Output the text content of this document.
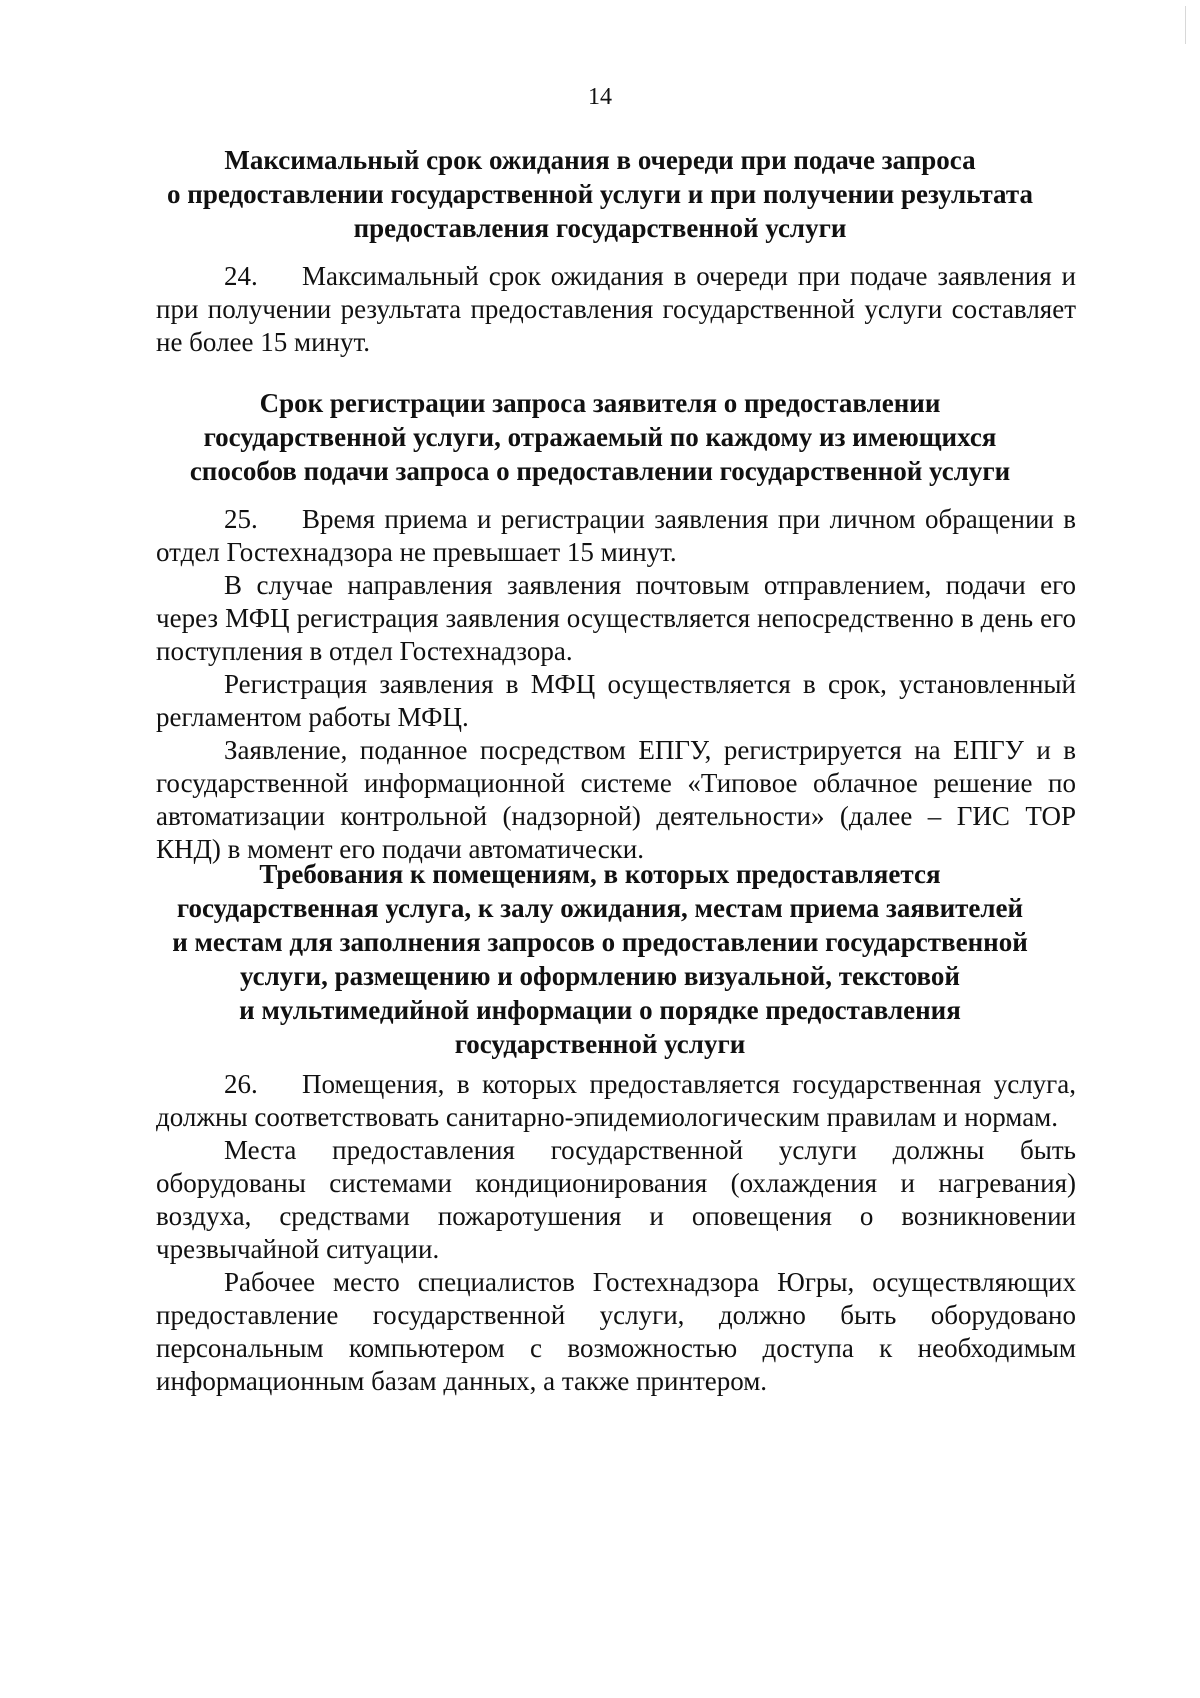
14
Максимальный срок ожидания в очереди при подаче запроса
о предоставлении государственной услуги и при получении результата
предоставления государственной услуги

24. Максимальный срок ожидания в очереди при подаче заявления и при получении результата предоставления государственной услуги составляет не более 15 минут.

Срок регистрации запроса заявителя о предоставлении
государственной услуги, отражаемый по каждому из имеющихся
способов подачи запроса о предоставлении государственной услуги

25. Время приема и регистрации заявления при личном обращении в отдел Гостехнадзора не превышает 15 минут.

В случае направления заявления почтовым отправлением, подачи его через МФЦ регистрация заявления осуществляется непосредственно в день его поступления в отдел Гостехнадзора.

Регистрация заявления в МФЦ осуществляется в срок, установленный регламентом работы МФЦ.

Заявление, поданное посредством ЕПГУ, регистрируется на ЕПГУ и в государственной информационной системе «Типовое облачное решение по автоматизации контрольной (надзорной) деятельности» (далее – ГИС ТОР КНД) в момент его подачи автоматически.

Требования к помещениям, в которых предоставляется
государственная услуга, к залу ожидания, местам приема заявителей
и местам для заполнения запросов о предоставлении государственной
услуги, размещению и оформлению визуальной, текстовой
и мультимедийной информации о порядке предоставления
государственной услуги

26. Помещения, в которых предоставляется государственная услуга, должны соответствовать санитарно-эпидемиологическим правилам и нормам.

Места предоставления государственной услуги должны быть оборудованы системами кондиционирования (охлаждения и нагревания) воздуха, средствами пожаротушения и оповещения о возникновении чрезвычайной ситуации.

Рабочее место специалистов Гостехнадзора Югры, осуществляющих предоставление государственной услуги, должно быть оборудовано персональным компьютером с возможностью доступа к необходимым информационным базам данных, а также принтером.
